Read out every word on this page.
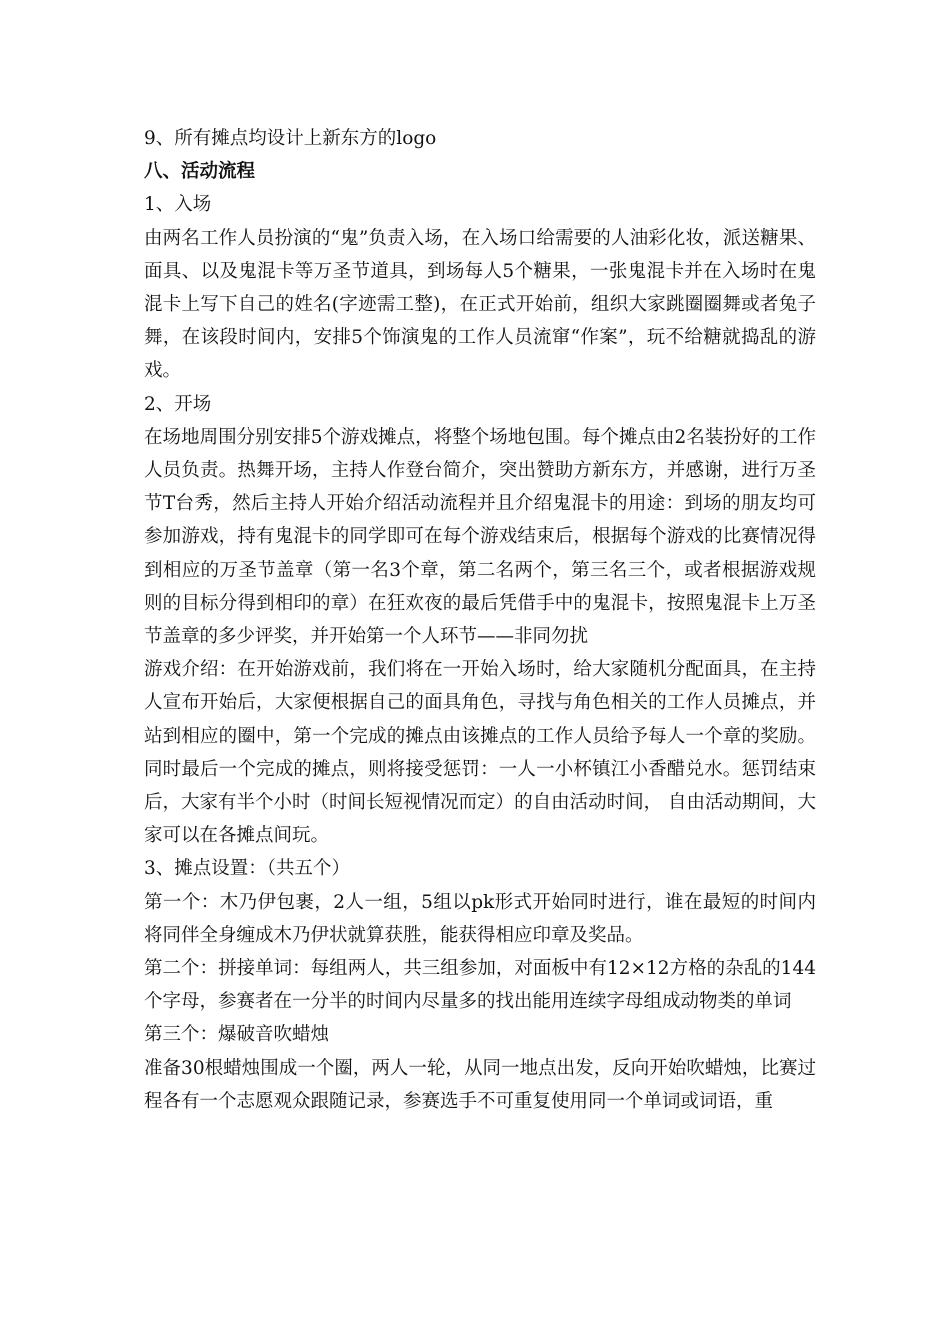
9、所有摊点均设计上新东方的logo

八、活动流程

1、入场

由两名工作人员扮演的“鬼”负责入场，在入场口给需要的人油彩化妆，派送糖果、面具、以及鬼混卡等万圣节道具，到场每人5个糖果，一张鬼混卡并在入场时在鬼混卡上写下自己的姓名(字迹需工整)，在正式开始前，组织大家跳圈圈舞或者兔子舞，在该段时间内，安排5个饰演鬼的工作人员流窜“作案”，玩不给糖就捣乱的游戏。

2、开场

在场地周围分别安排5个游戏摊点，将整个场地包围。每个摊点由2名装扮好的工作人员负责。热舞开场，主持人作登台简介，突出赞助方新东方，并感谢，进行万圣节T台秀，然后主持人开始介绍活动流程并且介绍鬼混卡的用途：到场的朋友均可参加游戏，持有鬼混卡的同学即可在每个游戏结束后，根据每个游戏的比赛情况得到相应的万圣节盖章（第一名3个章，第二名两个，第三名三个，或者根据游戏规则的目标分得到相印的章）在狂欢夜的最后凭借手中的鬼混卡，按照鬼混卡上万圣节盖章的多少评奖，并开始第一个人环节——非同勿扰

游戏介绍：在开始游戏前，我们将在一开始入场时，给大家随机分配面具，在主持人宣布开始后，大家便根据自己的面具角色，寻找与角色相关的工作人员摊点，并站到相应的圈中，第一个完成的摊点由该摊点的工作人员给予每人一个章的奖励。同时最后一个完成的摊点，则将接受惩罚：一人一小杯镇江小香醋兑水。惩罚结束后，大家有半个小时（时间长短视情况而定）的自由活动时间， 自由活动期间，大家可以在各摊点间玩。

3、摊点设置：（共五个）

第一个：木乃伊包裹，2人一组，5组以pk形式开始同时进行，谁在最短的时间内将同伴全身缠成木乃伊状就算获胜，能获得相应印章及奖品。

第二个：拼接单词：每组两人，共三组参加，对面板中有12×12方格的杂乱的144个字母，参赛者在一分半的时间内尽量多的找出能用连续字母组成动物类的单词

第三个：爆破音吹蜡烛

准备30根蜡烛围成一个圈，两人一轮，从同一地点出发，反向开始吹蜡烛，比赛过程各有一个志愿观众跟随记录，参赛选手不可重复使用同一个单词或词语，重
